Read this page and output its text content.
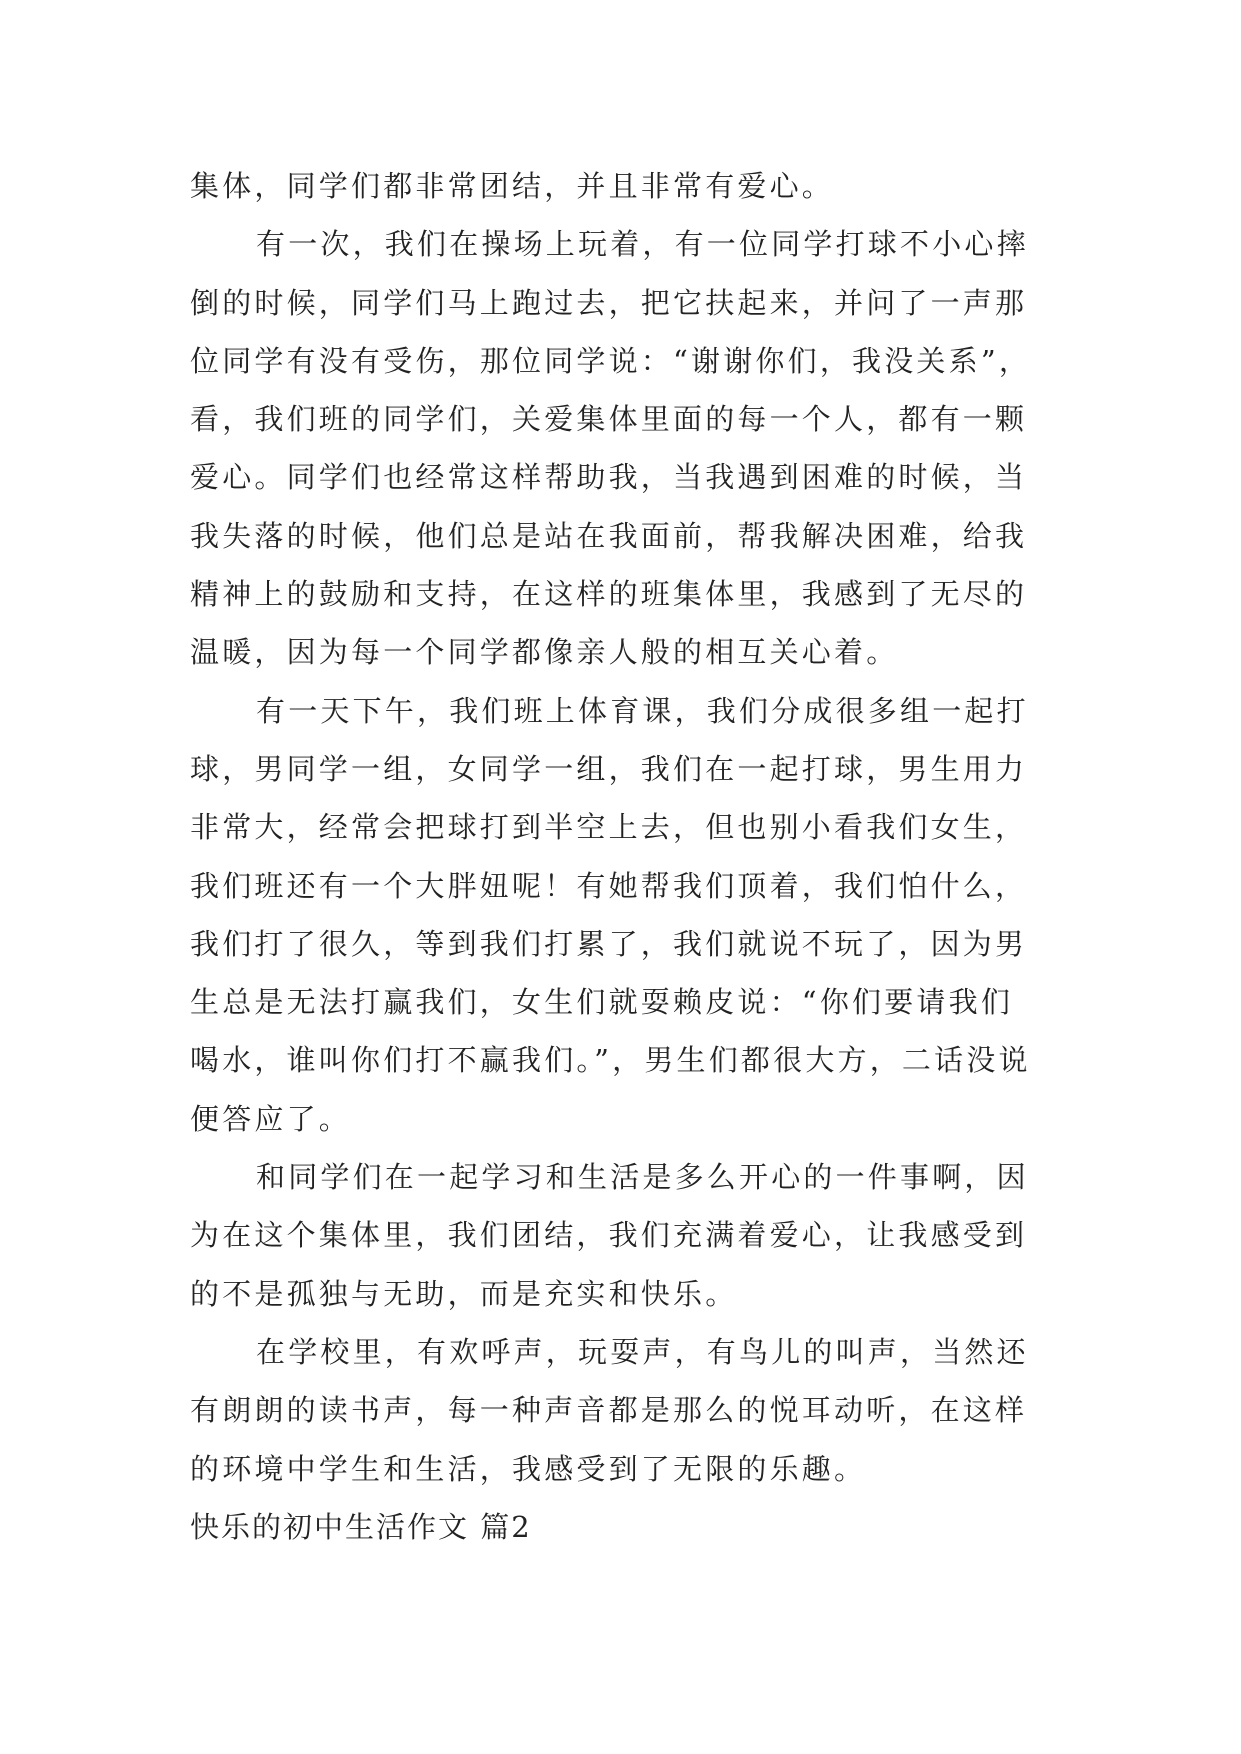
集体，同学们都非常团结，并且非常有爱心。
有一次，我们在操场上玩着，有一位同学打球不小心摔
倒的时候，同学们马上跑过去，把它扶起来，并问了一声那
位同学有没有受伤，那位同学说：“谢谢你们，我没关系”，
看，我们班的同学们，关爱集体里面的每一个人，都有一颗
爱心。同学们也经常这样帮助我，当我遇到困难的时候，当
我失落的时候，他们总是站在我面前，帮我解决困难，给我
精神上的鼓励和支持，在这样的班集体里，我感到了无尽的
温暖，因为每一个同学都像亲人般的相互关心着。
有一天下午，我们班上体育课，我们分成很多组一起打
球，男同学一组，女同学一组，我们在一起打球，男生用力
非常大，经常会把球打到半空上去，但也别小看我们女生，
我们班还有一个大胖妞呢！有她帮我们顶着，我们怕什么，
我们打了很久，等到我们打累了，我们就说不玩了，因为男
生总是无法打赢我们，女生们就耍赖皮说：“你们要请我们
喝水，谁叫你们打不赢我们。”，男生们都很大方，二话没说
便答应了。
和同学们在一起学习和生活是多么开心的一件事啊，因
为在这个集体里，我们团结，我们充满着爱心，让我感受到
的不是孤独与无助，而是充实和快乐。
在学校里，有欢呼声，玩耍声，有鸟儿的叫声，当然还
有朗朗的读书声，每一种声音都是那么的悦耳动听，在这样
的环境中学生和生活，我感受到了无限的乐趣。
快乐的初中生活作文 篇2
